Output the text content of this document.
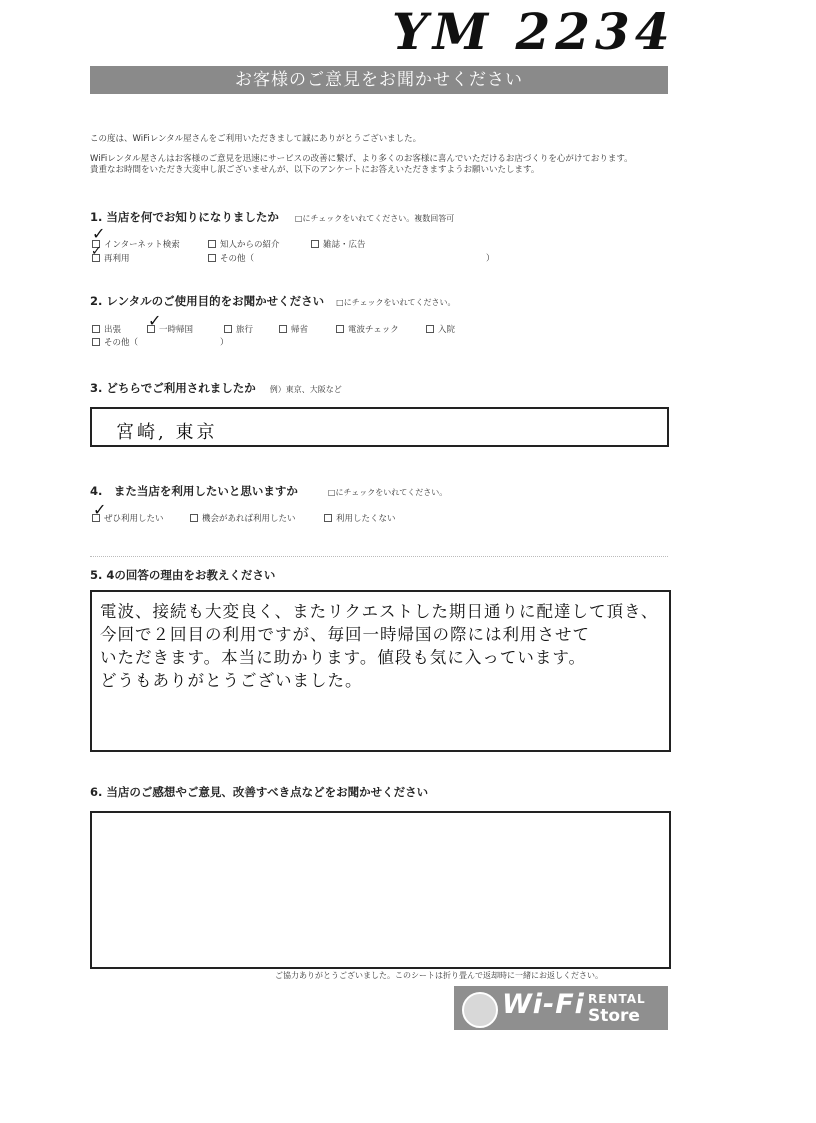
YM 2234
お客様のご意見をお聞かせください
この度は、WiFiレンタル屋さんをご利用いただきまして誠にありがとうございました。
WiFiレンタル屋さんはお客様のご意見を迅速にサービスの改善に繋げ、より多くのお客様に喜んでいただけるお店づくりを心がけております。
貴重なお時間をいただき大変申し訳ございませんが、以下のアンケートにお答えいただきますようお願いいたします。
1. 当店を何でお知りになりましたか □にチェックをいれてください。複数回答可
インターネット検索	知人からの紹介	雑誌・広告
再利用	その他（	）
✓
✓
2. レンタルのご使用目的をお聞かせください □にチェックをいれてください。
出張	一時帰国	旅行	帰省	電波チェック	入院
その他（	）
✓
3. どちらでご利用されましたか 例）東京、大阪など
宮崎, 東京
4.　また当店を利用したいと思いますか	□にチェックをいれてください。
ぜひ利用したい	機会があれば利用したい	利用したくない
✓
5. 4の回答の理由をお教えください
電波、接続も大変良く、またリクエストした期日通りに配達して頂き、
今回で２回目の利用ですが、毎回一時帰国の際には利用させて
いただきます。本当に助かります。値段も気に入っています。
どうもありがとうございました。
6. 当店のご感想やご意見、改善すべき点などをお聞かせください
ご協力ありがとうございました。このシートは折り畳んで返却時に一緒にお返しください。
Wi-Fi RENTAL
Store
